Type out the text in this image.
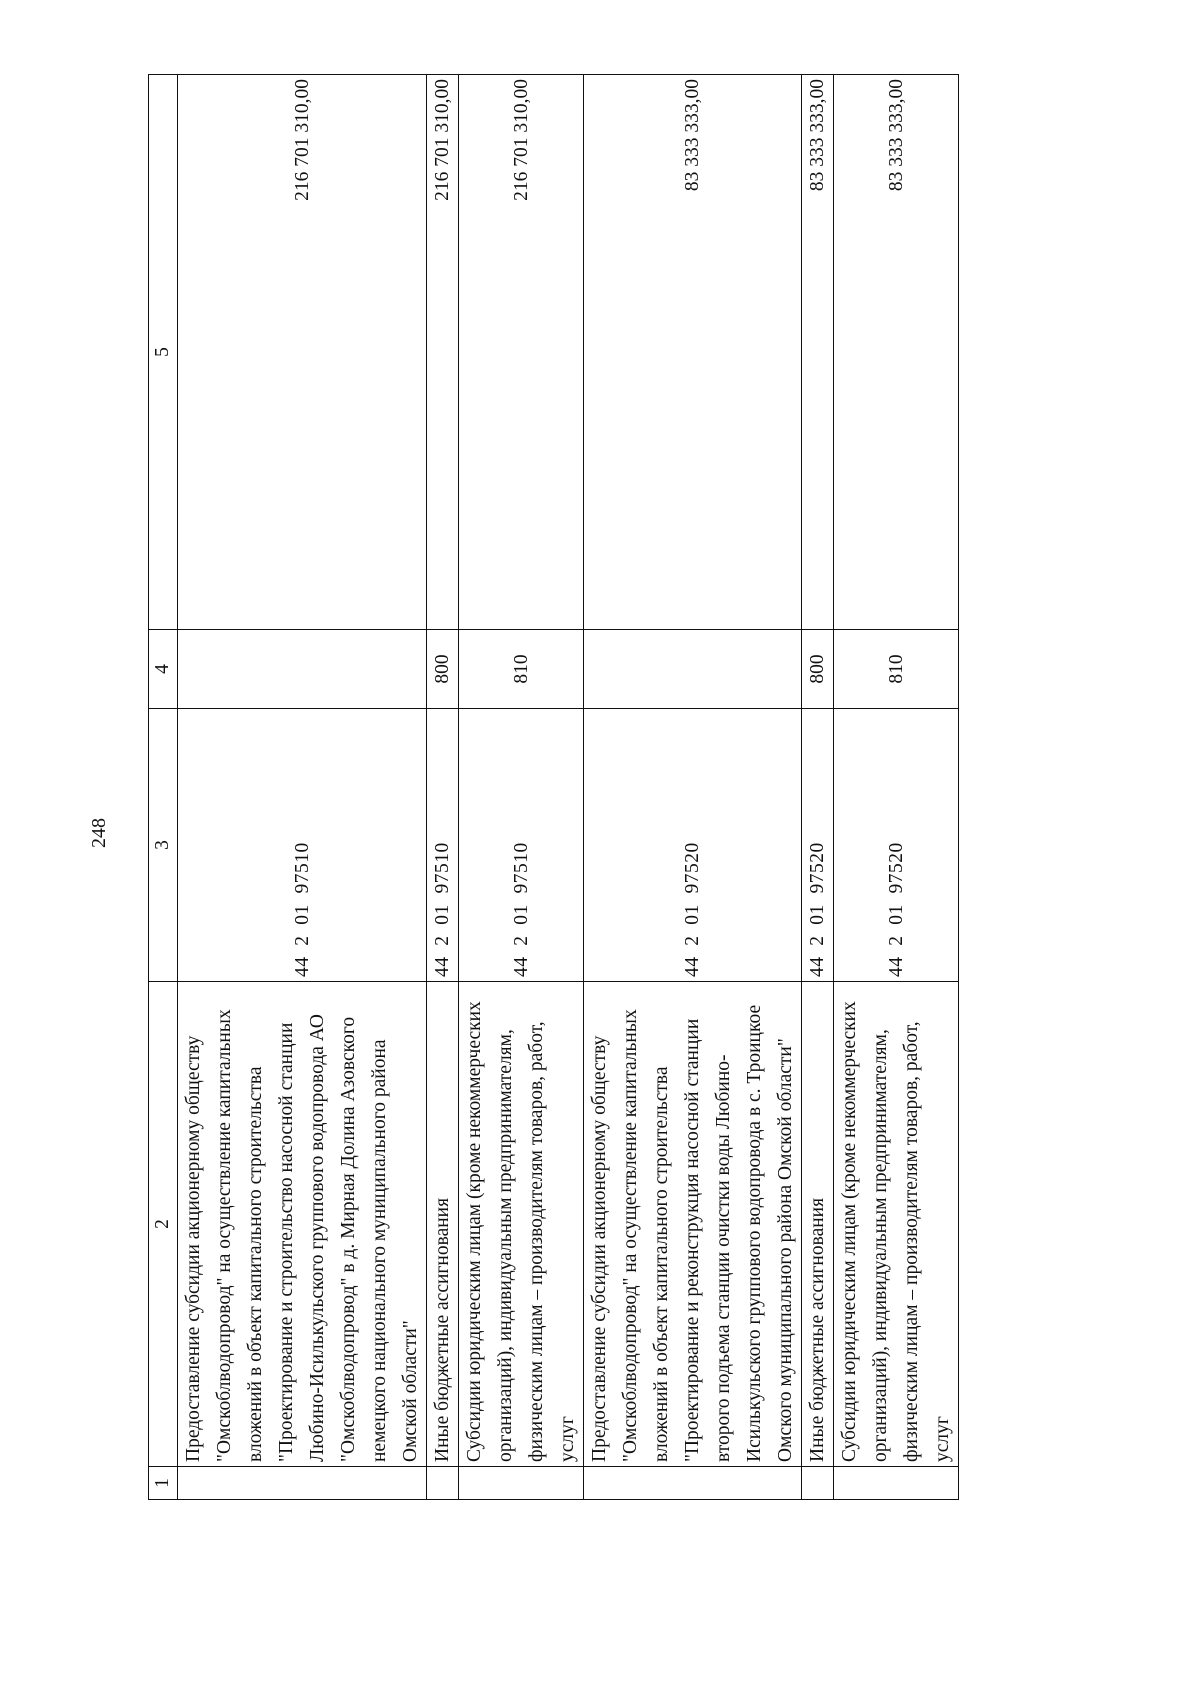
248
1	2	3	4	5
	Предоставление субсидии акционерному обществу "Омскоблводопровод" на осуществление капитальных вложений в объект капитального строительства "Проектирование и строительство насосной станции Любино-Исилькульского группового водопровода АО "Омскоблводопровод" в д. Мирная Долина Азовского немецкого национального муниципального района Омской области"	44  2  01  97510		216 701 310,00
	Иные бюджетные ассигнования	44  2  01  97510	800	216 701 310,00
	Субсидии юридическим лицам (кроме некоммерческих организаций), индивидуальным предпринимателям, физическим лицам – производителям товаров, работ, услуг	44  2  01  97510	810	216 701 310,00
	Предоставление субсидии акционерному обществу "Омскоблводопровод" на осуществление капитальных вложений в объект капитального строительства "Проектирование и реконструкция насосной станции второго подъема станции очистки воды Любино-Исилькульского группового водопровода в с. Троицкое Омского муниципального района Омской области"	44  2  01  97520		83 333 333,00
	Иные бюджетные ассигнования	44  2  01  97520	800	83 333 333,00
	Субсидии юридическим лицам (кроме некоммерческих организаций), индивидуальным предпринимателям, физическим лицам – производителям товаров, работ, услуг	44  2  01  97520	810	83 333 333,00
